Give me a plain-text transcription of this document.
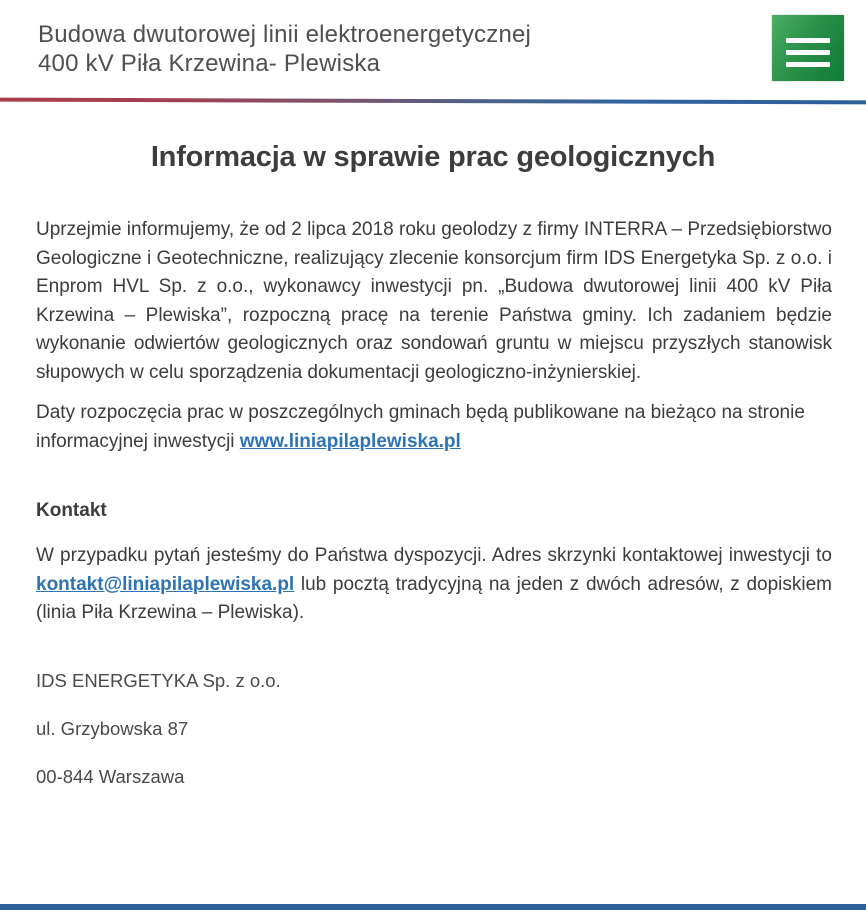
Budowa dwutorowej linii elektroenergetycznej
400 kV Piła Krzewina- Plewiska
Informacja w sprawie prac geologicznych

Uprzejmie informujemy, że od 2 lipca 2018 roku geolodzy z firmy INTERRA – Przedsiębiorstwo Geologiczne i Geotechniczne, realizujący zlecenie konsorcjum firm IDS Energetyka Sp. z o.o. i Enprom HVL Sp. z o.o., wykonawcy inwestycji pn. „Budowa dwutorowej linii 400 kV Piła Krzewina – Plewiska”, rozpoczną pracę na terenie Państwa gminy. Ich zadaniem będzie wykonanie odwiertów geologicznych oraz sondowań gruntu w miejscu przyszłych stanowisk słupowych w celu sporządzenia dokumentacji geologiczno-inżynierskiej.

Daty rozpoczęcia prac w poszczególnych gminach będą publikowane na bieżąco na stronie informacyjnej inwestycji www.liniapilaplewiska.pl

Kontakt

W przypadku pytań jesteśmy do Państwa dyspozycji. Adres skrzynki kontaktowej inwestycji to kontakt@liniapilaplewiska.pl lub pocztą tradycyjną na jeden z dwóch adresów, z dopiskiem (linia Piła Krzewina – Plewiska).

IDS ENERGETYKA Sp. z o.o.

ul. Grzybowska 87

00-844 Warszawa
